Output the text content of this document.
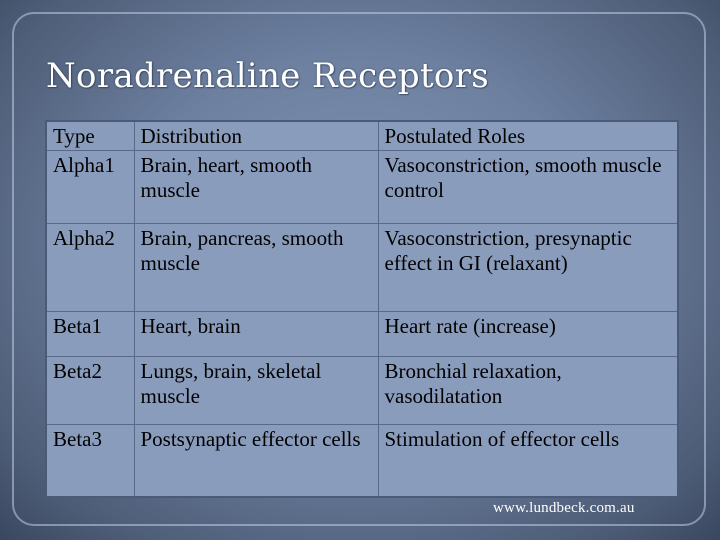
Noradrenaline Receptors
Type	Distribution	Postulated Roles
Alpha1	Brain, heart, smooth muscle	Vasoconstriction, smooth muscle control
Alpha2	Brain, pancreas, smooth muscle	Vasoconstriction, presynaptic effect in GI (relaxant)
Beta1	Heart, brain	Heart rate (increase)
Beta2	Lungs, brain, skeletal muscle	Bronchial relaxation, vasodilatation
Beta3	Postsynaptic effector cells	Stimulation of effector cells
www.lundbeck.com.au
